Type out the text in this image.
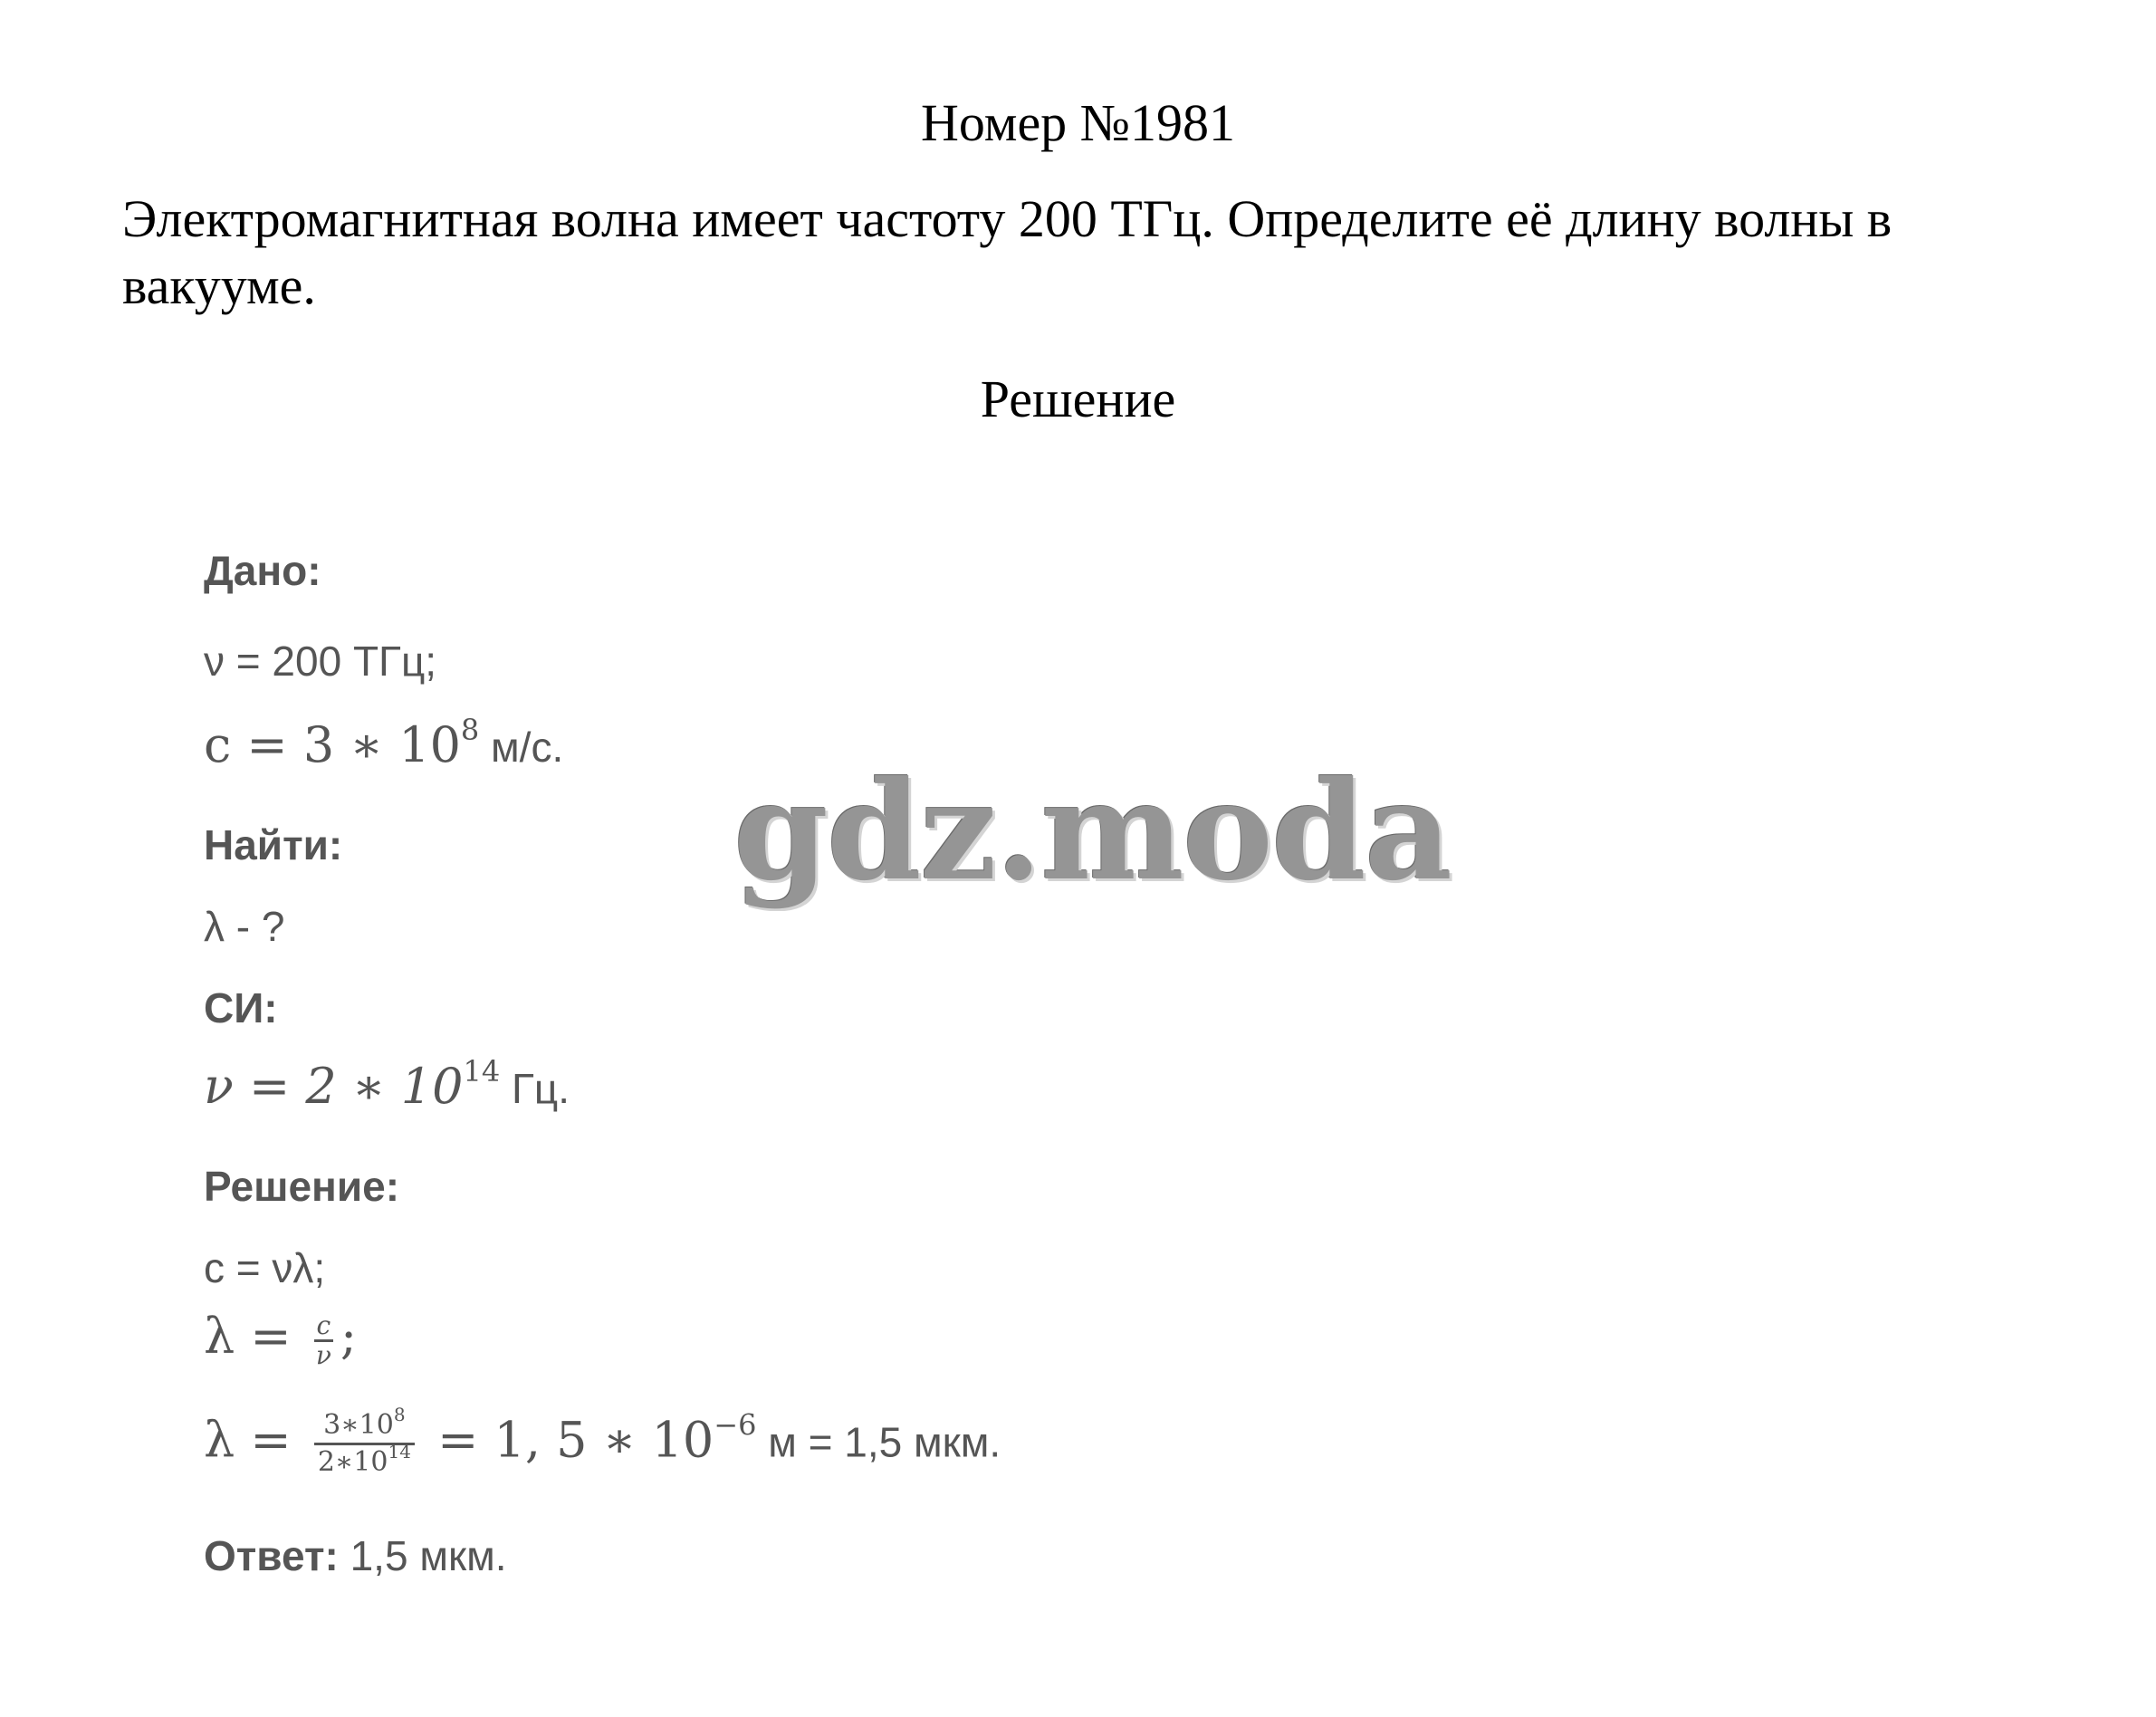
Номер №1981
Электромагнитная волна имеет частоту 200 ТГц. Определите её длину волны в вакууме.
Решение
Дано:
ν = 200 ТГц;
c = 3 ∗ $10^8$ м/с.
Найти:
λ - ?
СИ:
ν = 2 ∗ $10^{14}$ Гц.
Решение:
c = νλ;
$\lambda = \frac{c}{\nu}$ ;
$\lambda = \frac{3∗10^8}{2∗10^{14}} = 1$, 5 ∗ $10^{-6}$ м = 1,5 мкм.
Ответ: 1,5 мкм.
gdz.moda
